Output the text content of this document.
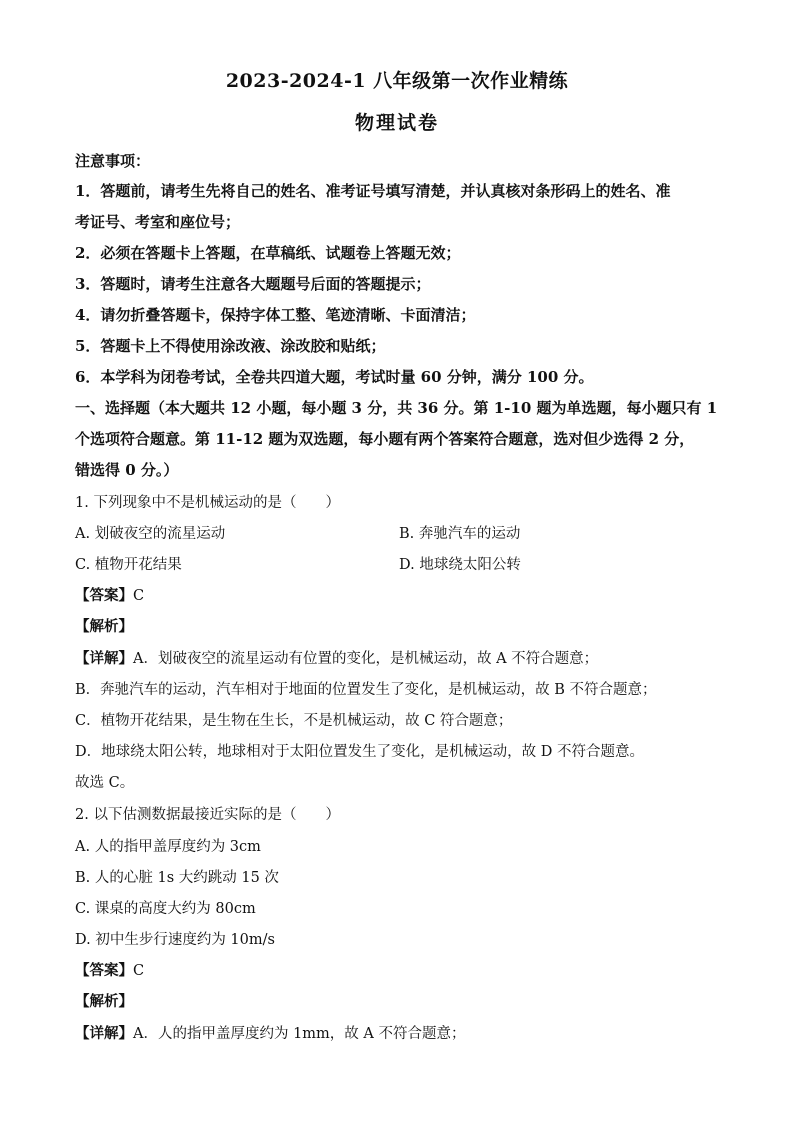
2023-2024-1 八年级第一次作业精练
物理试卷
注意事项：
1．答题前，请考生先将自己的姓名、准考证号填写清楚，并认真核对条形码上的姓名、准
考证号、考室和座位号；
2．必须在答题卡上答题，在草稿纸、试题卷上答题无效；
3．答题时，请考生注意各大题题号后面的答题提示；
4．请勿折叠答题卡，保持字体工整、笔迹清晰、卡面清洁；
5．答题卡上不得使用涂改液、涂改胶和贴纸；
6．本学科为闭卷考试，全卷共四道大题，考试时量 60 分钟，满分 100 分。
一、选择题（本大题共 12 小题，每小题 3 分，共 36 分。第 1-10 题为单选题，每小题只有 1
个选项符合题意。第 11-12 题为双选题，每小题有两个答案符合题意，选对但少选得 2 分，
错选得 0 分。）
1. 下列现象中不是机械运动的是（　　）
A. 划破夜空的流星运动	B. 奔驰汽车的运动
C. 植物开花结果	D. 地球绕太阳公转
【答案】C
【解析】
【详解】A．划破夜空的流星运动有位置的变化，是机械运动，故 A 不符合题意；
B．奔驰汽车的运动，汽车相对于地面的位置发生了变化，是机械运动，故 B 不符合题意；
C．植物开花结果，是生物在生长，不是机械运动，故 C 符合题意；
D．地球绕太阳公转，地球相对于太阳位置发生了变化，是机械运动，故 D 不符合题意。
故选 C。
2. 以下估测数据最接近实际的是（　　）
A. 人的指甲盖厚度约为 3cm
B. 人的心脏 1s 大约跳动 15 次
C. 课桌的高度大约为 80cm
D. 初中生步行速度约为 10m/s
【答案】C
【解析】
【详解】A．人的指甲盖厚度约为 1mm，故 A 不符合题意；
